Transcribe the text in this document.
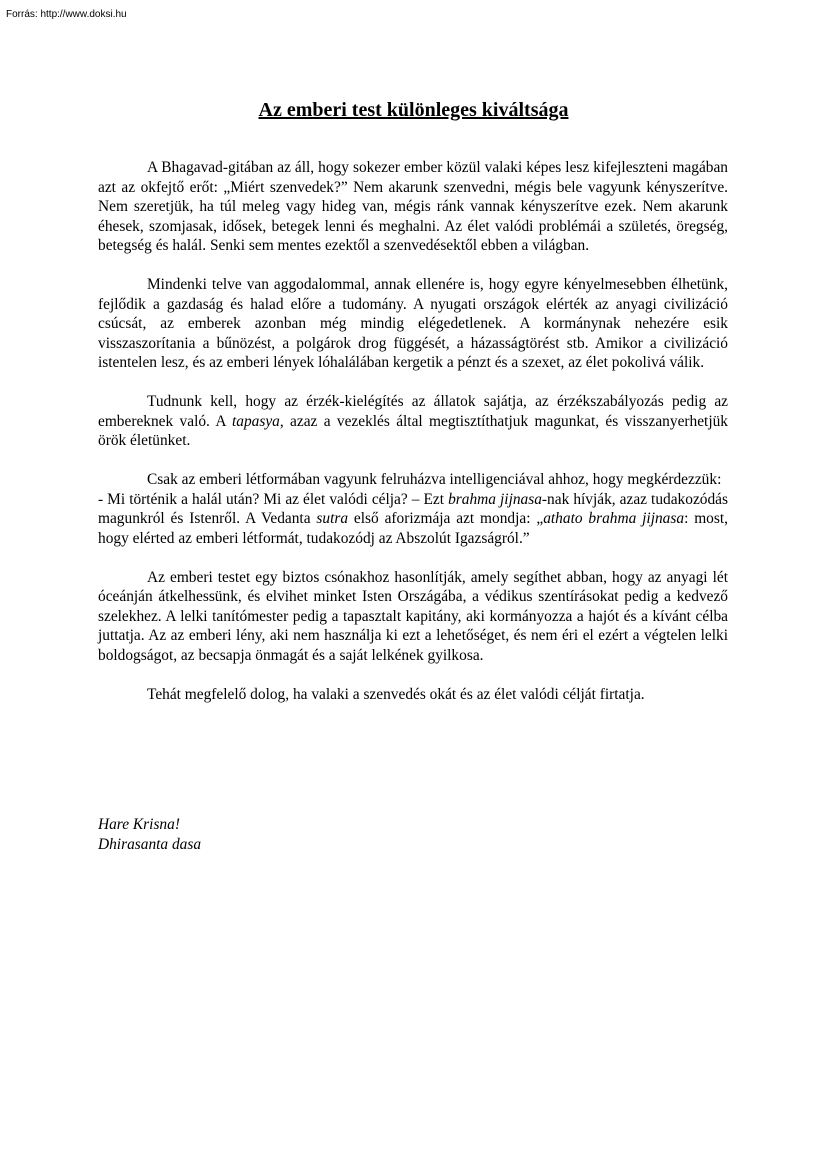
Forrás: http://www.doksi.hu
Az emberi test különleges kiváltsága

A Bhagavad-gitában az áll, hogy sokezer ember közül valaki képes lesz kifejleszteni magában azt az okfejtő erőt: „Miért szenvedek?” Nem akarunk szenvedni, mégis bele vagyunk kényszerítve. Nem szeretjük, ha túl meleg vagy hideg van, mégis ránk vannak kényszerítve ezek. Nem akarunk éhesek, szomjasak, idősek, betegek lenni és meghalni. Az élet valódi problémái a születés, öregség, betegség és halál. Senki sem mentes ezektől a szenvedésektől ebben a világban.

Mindenki telve van aggodalommal, annak ellenére is, hogy egyre kényelmesebben élhetünk, fejlődik a gazdaság és halad előre a tudomány. A nyugati országok elérték az anyagi civilizáció csúcsát, az emberek azonban még mindig elégedetlenek. A kormánynak nehezére esik visszaszorítania a bűnözést, a polgárok drog függését, a házasságtörést stb. Amikor a civilizáció istentelen lesz, és az emberi lények lóhalálában kergetik a pénzt és a szexet, az élet pokolivá válik.

Tudnunk kell, hogy az érzék-kielégítés az állatok sajátja, az érzékszabályozás pedig az embereknek való. A tapasya, azaz a vezeklés által megtisztíthatjuk magunkat, és visszanyerhetjük örök életünket.

Csak az emberi létformában vagyunk felruházva intelligenciával ahhoz, hogy megkérdezzük:

- Mi történik a halál után? Mi az élet valódi célja? – Ezt brahma jijnasa-nak hívják, azaz tudakozódás magunkról és Istenről. A Vedanta sutra első aforizmája azt mondja: „athato brahma jijnasa: most, hogy elérted az emberi létformát, tudakozódj az Abszolút Igazságról.”

Az emberi testet egy biztos csónakhoz hasonlítják, amely segíthet abban, hogy az anyagi lét óceánján átkelhessünk, és elvihet minket Isten Országába, a védikus szentírásokat pedig a kedvező szelekhez. A lelki tanítómester pedig a tapasztalt kapitány, aki kormányozza a hajót és a kívánt célba juttatja. Az az emberi lény, aki nem használja ki ezt a lehetőséget, és nem éri el ezért a végtelen lelki boldogságot, az becsapja önmagát és a saját lelkének gyilkosa.

Tehát megfelelő dolog, ha valaki a szenvedés okát és az élet valódi célját firtatja.

Hare Krisna!
Dhirasanta dasa
